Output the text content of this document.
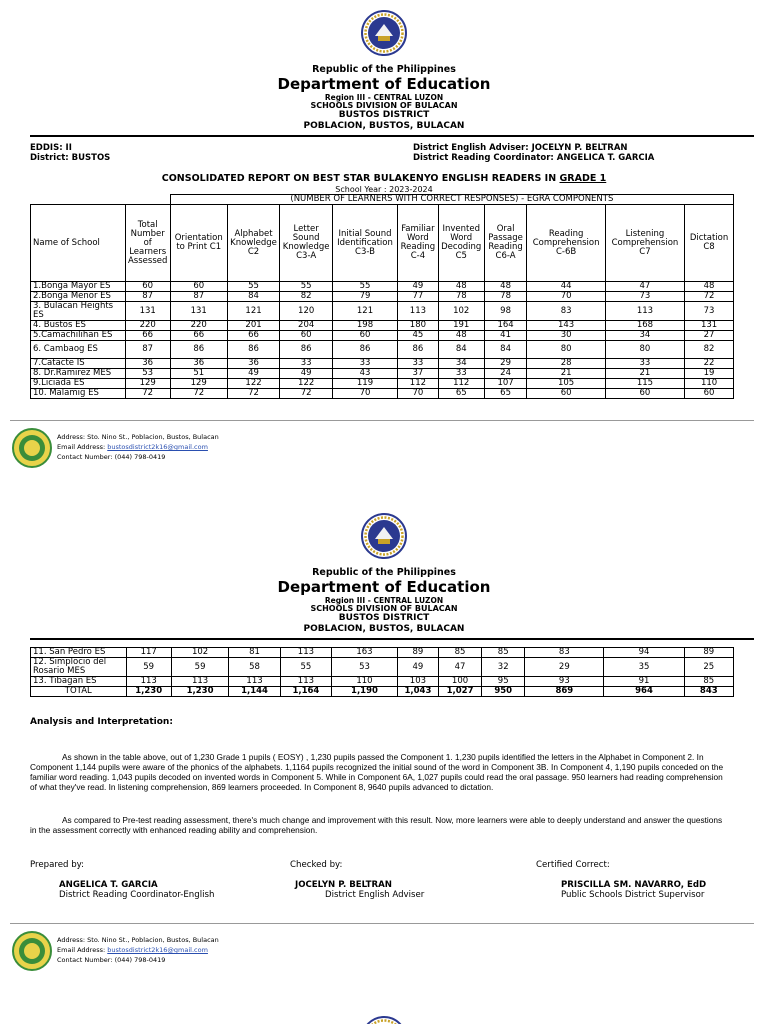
Republic of the Philippines
Department of Education
Region III - CENTRAL LUZON
SCHOOLS DIVISION OF BULACAN
BUSTOS DISTRICT
POBLACION, BUSTOS, BULACAN
EDDIS: II
District: BUSTOS
District English Adviser: JOCELYN P. BELTRAN
District Reading Coordinator: ANGELICA T. GARCIA
CONSOLIDATED REPORT ON BEST STAR BULAKENYO ENGLISH READERS IN GRADE 1
School Year : 2023-2024
		(NUMBER OF LEARNERS WITH CORRECT RESPONSES) - EGRA COMPONENTS									
Name of School	Total Number of Learners Assessed	Orientation to Print C1	Alphabet Knowledge C2	Letter Sound Knowledge C3-A	Initial Sound Identification C3-B	Familiar Word Reading C-4	Invented Word Decoding C5	Oral Passage Reading C6-A	Reading Comprehension C-6B	Listening Comprehension C7	Dictation C8
1.Bonga Mayor ES	60	60	55	55	55	49	48	48	44	47	48
2.Bonga Menor ES	87	87	84	82	79	77	78	78	70	73	72
3. Bulacan Heights ES	131	131	121	120	121	113	102	98	83	113	73
4. Bustos ES	220	220	201	204	198	180	191	164	143	168	131
5.Camachilihan ES	66	66	66	60	60	45	48	41	30	34	27
6. Cambaog ES	87	86	86	86	86	86	84	84	80	80	82
7.Catacte IS	36	36	36	33	33	33	34	29	28	33	22
8. Dr.Ramirez MES	53	51	49	49	43	37	33	24	21	21	19
9.Liciada ES	129	129	122	122	119	112	112	107	105	115	110
10. Malamig ES	72	72	72	72	70	70	65	65	60	60	60
Address: Sto. Nino St., Poblacion, Bustos, Bulacan
Email Address: bustosdistrict2k16@gmail.com
Contact Number: (044) 798-0419
Republic of the Philippines
Department of Education
Region III - CENTRAL LUZON
SCHOOLS DIVISION OF BULACAN
BUSTOS DISTRICT
POBLACION, BUSTOS, BULACAN
11. San Pedro ES	117	102	81	113	163	89	85	85	83	94	89
12. Simplocio del Rosario MES	59	59	58	55	53	49	47	32	29	35	25
13. Tibagan ES	113	113	113	113	110	103	100	95	93	91	85
TOTAL	1,230	1,230	1,144	1,164	1,190	1,043	1,027	950	869	964	843
Analysis and Interpretation:
As shown in the table above, out of 1,230 Grade 1 pupils ( EOSY) , 1,230 pupils passed the Component 1. 1,230 pupils identified the letters in the Alphabet in Component 2. In Component 1,144 pupils were aware of the phonics of the alphabets. 1,1164 pupils recognized the initial sound of the word in Component 3B. In Component 4, 1,190 pupils conceded on the familiar word reading. 1,043 pupils decoded on invented words in Component 5. While in Component 6A, 1,027 pupils could read the oral passage. 950 learners had reading comprehension of what they've read. In listening comprehension, 869 learners proceeded. In Component 8, 9640 pupils advanced to dictation.
As compared to Pre-test reading assessment, there's much change and improvement with this result. Now, more learners were able to deeply understand and answer the questions in the assessment correctly with enhanced reading ability and comprehension.
Prepared by:
ANGELICA T. GARCIA
District Reading Coordinator-English
Checked by:
JOCELYN P. BELTRAN
District English Adviser
Certified Correct:
PRISCILLA SM. NAVARRO, EdD
Public Schools District Supervisor
Address: Sto. Nino St., Poblacion, Bustos, Bulacan
Email Address: bustosdistrict2k16@gmail.com
Contact Number: (044) 798-0419
